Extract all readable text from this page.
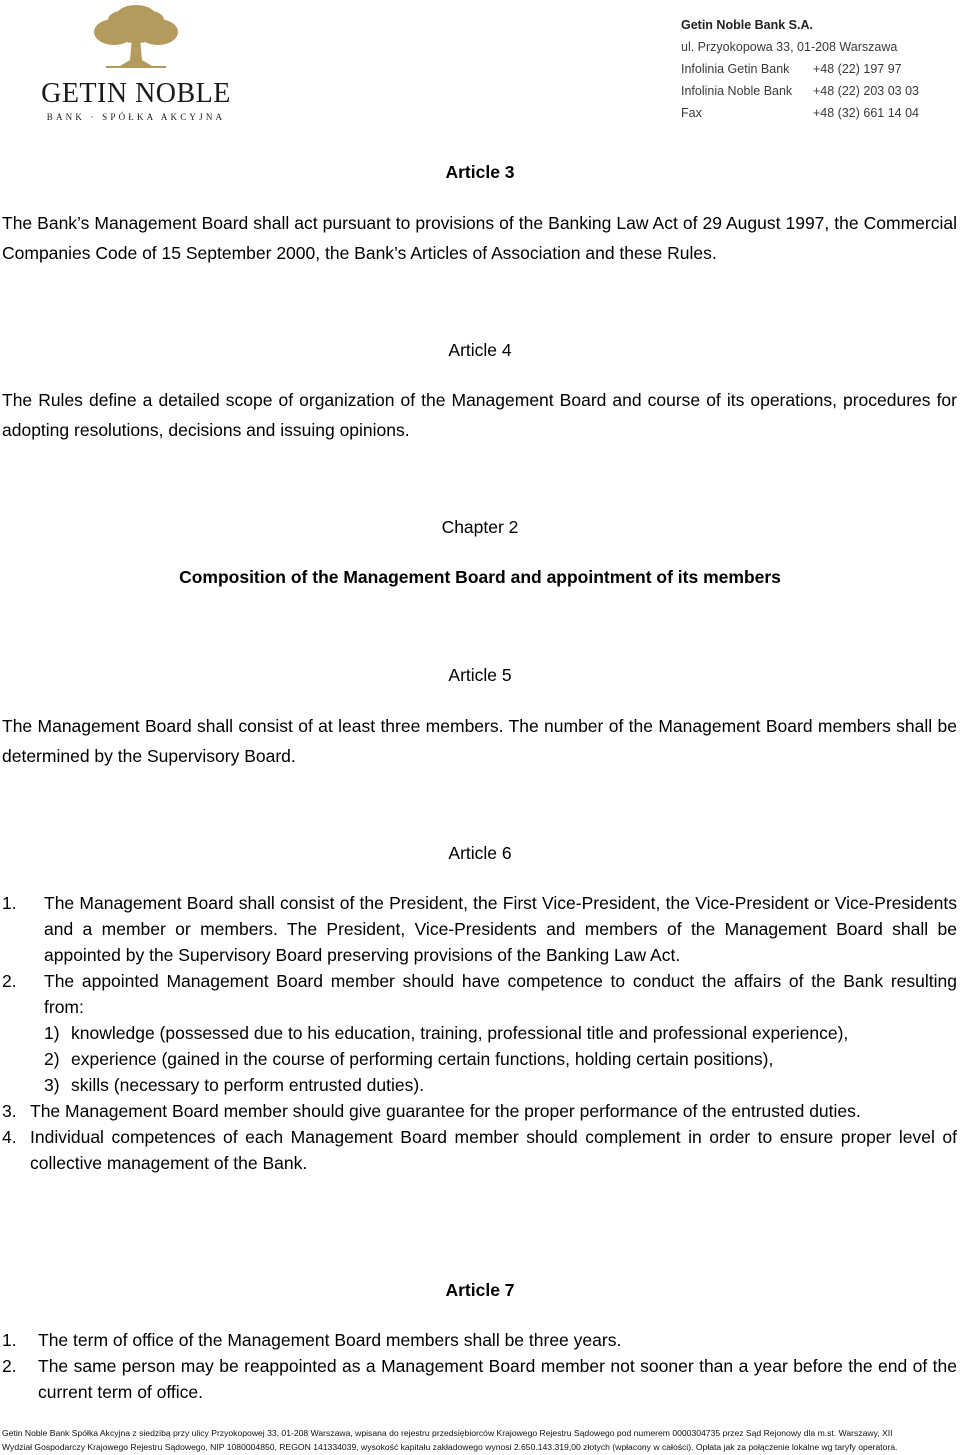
GETIN NOBLE
BANK · SPÓŁKA AKCYJNA
Getin Noble Bank S.A.
ul. Przyokopowa 33, 01-208 Warszawa
Infolinia Getin Bank +48 (22) 197 97
Infolinia Noble Bank +48 (22) 203 03 03
Fax	+48 (32) 661 14 04
Article 3
The Bank’s Management Board shall act pursuant to provisions of the Banking Law Act of 29 August 1997, the Commercial Companies Code of 15 September 2000, the Bank’s Articles of Association and these Rules.
Article 4
The Rules define a detailed scope of organization of the Management Board and course of its operations, procedures for adopting resolutions, decisions and issuing opinions.
Chapter 2
Composition of the Management Board and appointment of its members
Article 5
The Management Board shall consist of at least three members. The number of the Management Board members shall be determined by the Supervisory Board.
Article 6
1. The Management Board shall consist of the President, the First Vice-President, the Vice-President or Vice-Presidents and a member or members. The President, Vice-Presidents and members of the Management Board shall be appointed by the Supervisory Board preserving provisions of the Banking Law Act.
2. The appointed Management Board member should have competence to conduct the affairs of the Bank resulting from:
1) knowledge (possessed due to his education, training, professional title and professional experience),
2) experience (gained in the course of performing certain functions, holding certain positions),
3) skills (necessary to perform entrusted duties).
3. The Management Board member should give guarantee for the proper performance of the entrusted duties.
4. Individual competences of each Management Board member should complement in order to ensure proper level of collective management of the Bank.
Article 7
1. The term of office of the Management Board members shall be three years.
2. The same person may be reappointed as a Management Board member not sooner than a year before the end of the current term of office.
Getin Noble Bank Spółka Akcyjna z siedzibą przy ulicy Przyokopowej 33, 01-208 Warszawa, wpisana do rejestru przedsiębiorców Krajowego Rejestru Sądowego pod numerem 0000304735 przez Sąd Rejonowy dla m.st. Warszawy, XII
Wydział Gospodarczy Krajowego Rejestru Sądowego, NIP 1080004850, REGON 141334039, wysokość kapitału zakładowego wynosi 2.650.143.319,00 złotych (wpłacony w całości). Opłata jak za połączenie lokalne wg taryfy operatora.
